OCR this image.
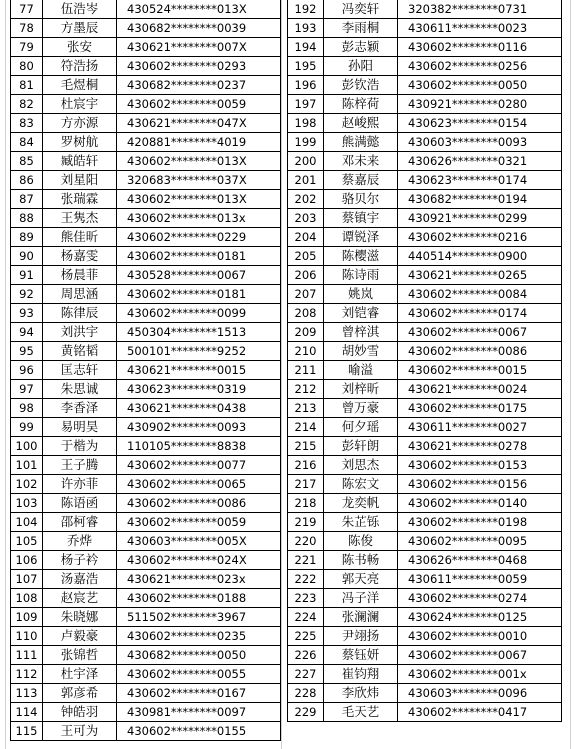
77	伍浩岑	430524********013X
78	方墨辰	430682********0039
79	张安	430621********007X
80	符浩扬	430602********0293
81	毛煜桐	430682********0237
82	杜宸宇	430602********0059
83	方亦源	430621********047X
84	罗树航	420881********4019
85	臧皓轩	430602********013X
86	刘星阳	320683********037X
87	张瑞霖	430602********013X
88	王隽杰	430602********013x
89	熊佳昕	430602********0229
90	杨嘉雯	430602********0181
91	杨晨菲	430528********0067
92	周思涵	430602********0181
93	陈律辰	430602********0099
94	刘洪宇	450304********1513
95	黄铭韬	500101********9252
96	匡志轩	430621********0015
97	朱思诚	430623********0319
98	李香泽	430621********0438
99	易明昊	430902********0093
100	于楷为	110105********8838
101	王子腾	430602********0077
102	许亦菲	430602********0065
103	陈语函	430602********0086
104	邵柯睿	430602********0059
105	乔烨	430603********005X
106	杨子衿	430602********024X
107	汤嘉浩	430621********023x
108	赵宸艺	430602********0188
109	朱晓娜	511502********3967
110	卢毅豪	430602********0235
111	张锦哲	430682********0050
112	杜宇泽	430602********0055
113	郭彦希	430602********0167
114	钟皓羽	430981********0097
115	王可为	430602********0155
192	冯奕轩	320382********0731
193	李雨桐	430611********0023
194	彭志颖	430602********0116
195	孙阳	430602********0256
196	彭钦浩	430602********0050
197	陈梓荷	430921********0280
198	赵峻熙	430623********0154
199	熊满懿	430603********0093
200	邓未来	430626********0321
201	蔡嘉辰	430623********0174
202	骆贝尔	430682********0194
203	蔡镇宇	430921********0299
204	谭锐泽	430602********0216
205	陈樱滋	440514********0900
206	陈诗雨	430621********0265
207	姚岚	430602********0084
208	刘铠睿	430602********0174
209	曾梓淇	430602********0067
210	胡妙雪	430602********0086
211	喻溢	430602********0015
212	刘梓昕	430621********0024
213	曾万豪	430602********0175
214	何夕瑶	430611********0027
215	彭轩朗	430621********0278
216	刘思杰	430602********0153
217	陈宏文	430602********0156
218	龙奕帆	430602********0140
219	朱芷铄	430602********0198
220	陈俊	430602********0095
221	陈书畅	430626********0468
222	郭天亮	430611********0059
223	冯子洋	430602********0274
224	张澜澜	430624********0125
225	尹翊扬	430602********0010
226	蔡钰妍	430602********0067
227	崔钧翔	430602********001x
228	李欣炜	430603********0096
229	毛天艺	430602********0417
